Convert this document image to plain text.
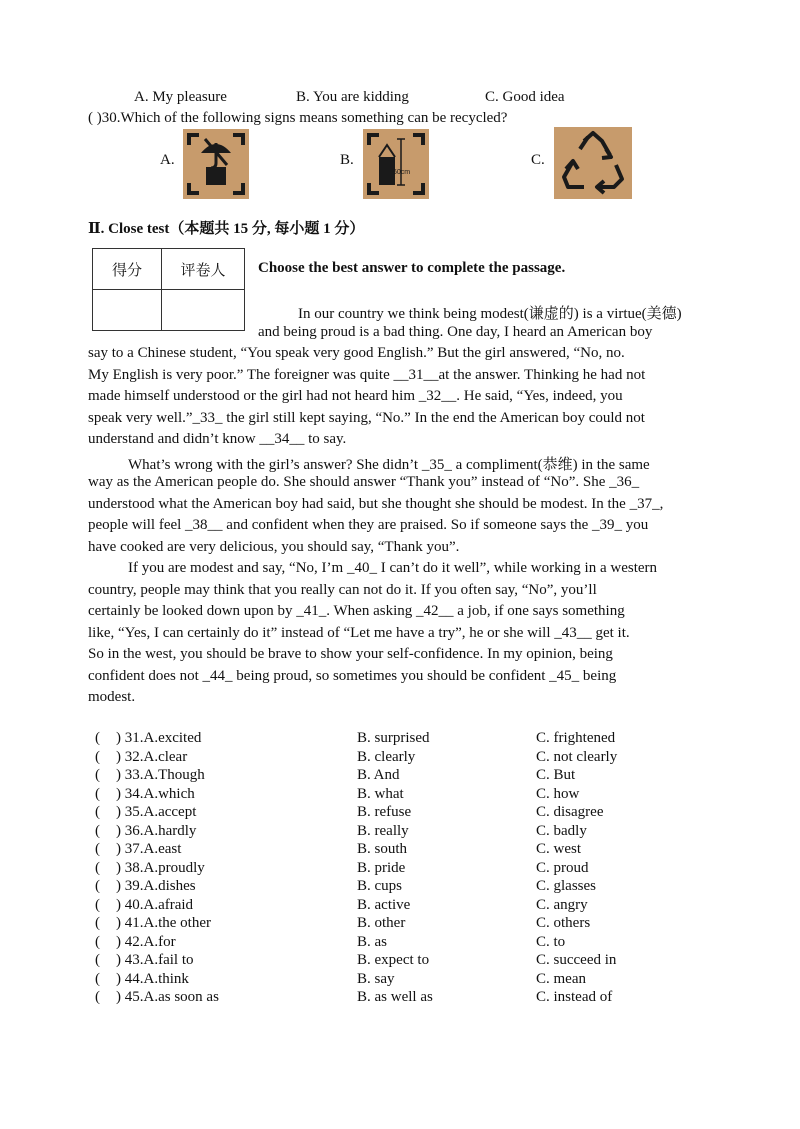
A. My pleasure	B. You are kidding	C. Good idea
( )30.Which of the following signs means something can be recycled?
A.	B.
60cm
C.
Ⅱ. Close test（本题共 15 分, 每小题 1 分）
得分	评卷人
	Choose the best answer to complete the passage.
In our country we think being modest(谦虚的) is a virtue(美德)
and being proud is a bad thing. One day, I heard an American boy
say to a Chinese student, “You speak very good English.” But the girl answered, “No, no.
My English is very poor.” The foreigner was quite __31__at the answer. Thinking he had not
made himself understood or the girl had not heard him _32__. He said, “Yes, indeed, you
speak very well.”_33_ the girl still kept saying, “No.” In the end the American boy could not
understand and didn’t know __34__ to say.
What’s wrong with the girl’s answer? She didn’t _35_ a compliment(恭维) in the same
way as the American people do. She should answer “Thank you” instead of “No”. She _36_
understood what the American boy had said, but she thought she should be modest. In the _37_,
people will feel _38__ and confident when they are praised. So if someone says the _39_ you
have cooked are very delicious, you should say, “Thank you”.
If you are modest and say, “No, I’m _40_ I can’t do it well”, while working in a western
country, people may think that you really can not do it. If you often say, “No”, you’ll
certainly be looked down upon by _41_. When asking _42__ a job, if one says something
like, “Yes, I can certainly do it” instead of “Let me have a try”, he or she will _43__ get it.
So in the west, you should be brave to show your self-confidence. In my opinion, being
confident does not _44_ being proud, so sometimes you should be confident _45_ being
modest.
( ) 31.A.excited	B. surprised	C. frightened
( ) 32.A.clear	B. clearly	C. not clearly
( ) 33.A.Though	B. And	C. But
( ) 34.A.which	B. what	C. how
( ) 35.A.accept	B. refuse	C. disagree
( ) 36.A.hardly	B. really	C. badly
( ) 37.A.east	B. south	C. west
( ) 38.A.proudly	B. pride	C. proud
( ) 39.A.dishes	B. cups	C. glasses
( ) 40.A.afraid	B. active	C. angry
( ) 41.A.the other	B. other	C. others
( ) 42.A.for	B. as	C. to
( ) 43.A.fail to	B. expect to	C. succeed in
( ) 44.A.think	B. say	C. mean
( ) 45.A.as soon as	B. as well as	C. instead of
